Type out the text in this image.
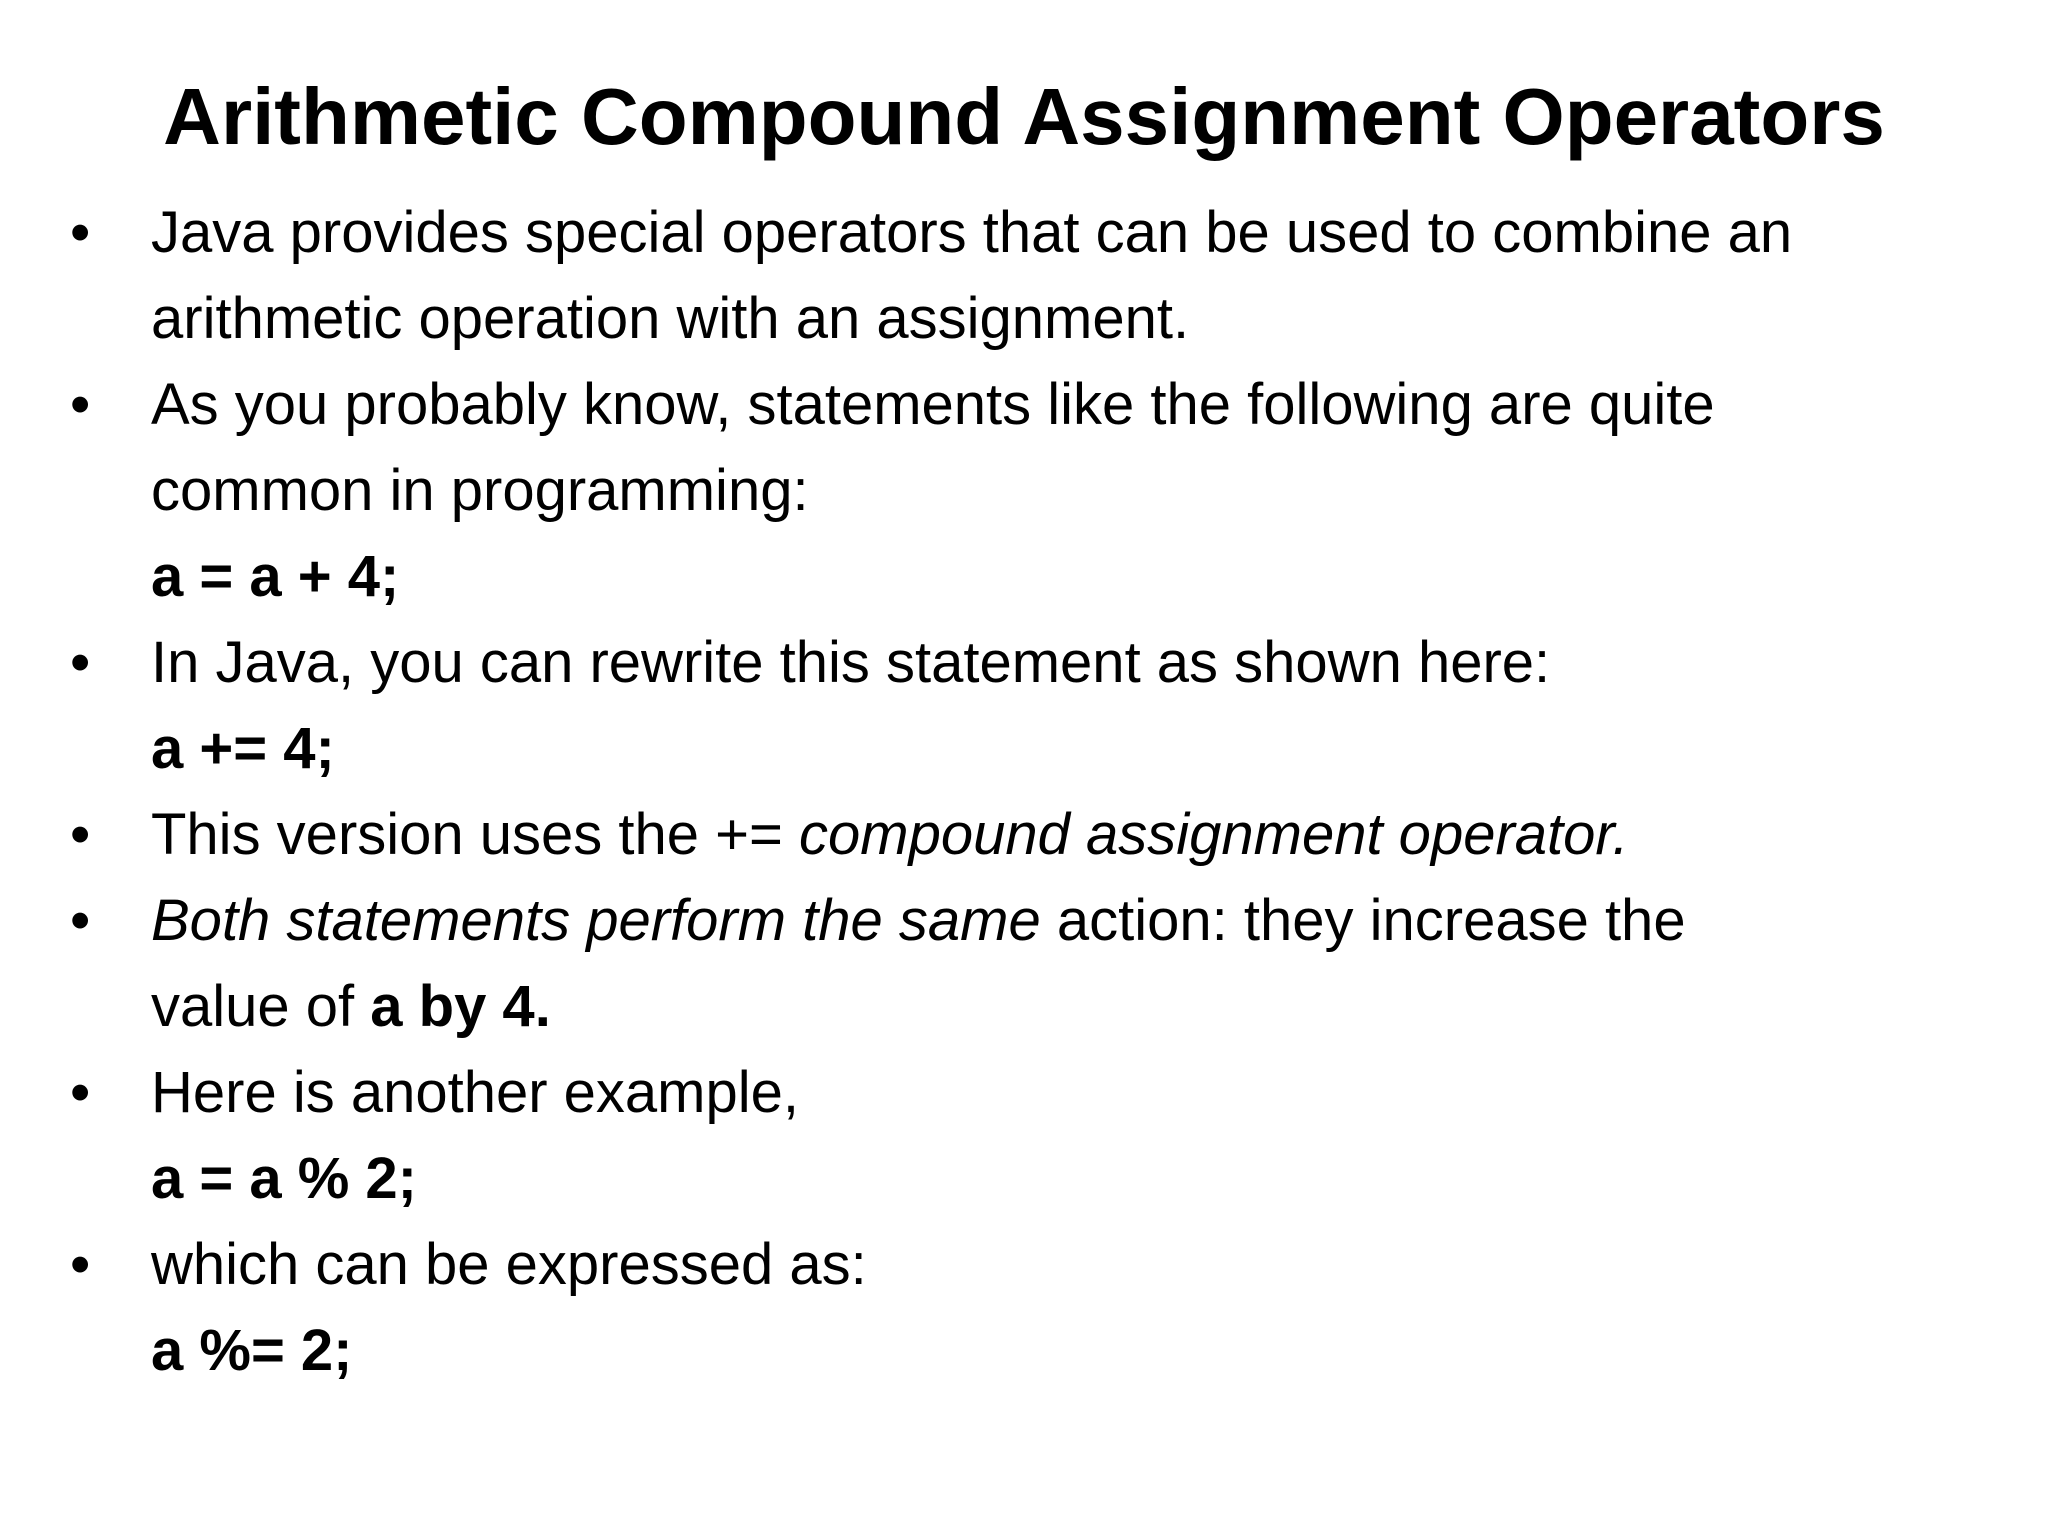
Arithmetic Compound Assignment Operators
•	Java provides special operators that can be used to combine an
arithmetic operation with an assignment.
•	As you probably know, statements like the following are quite
common in programming:
a = a + 4;
•	In Java, you can rewrite this statement as shown here:
a += 4;
•	This version uses the += compound assignment operator.
•	Both statements perform the same action: they increase the
value of a by 4.
•	Here is another example,
a = a % 2;
•	which can be expressed as:
a %= 2;
